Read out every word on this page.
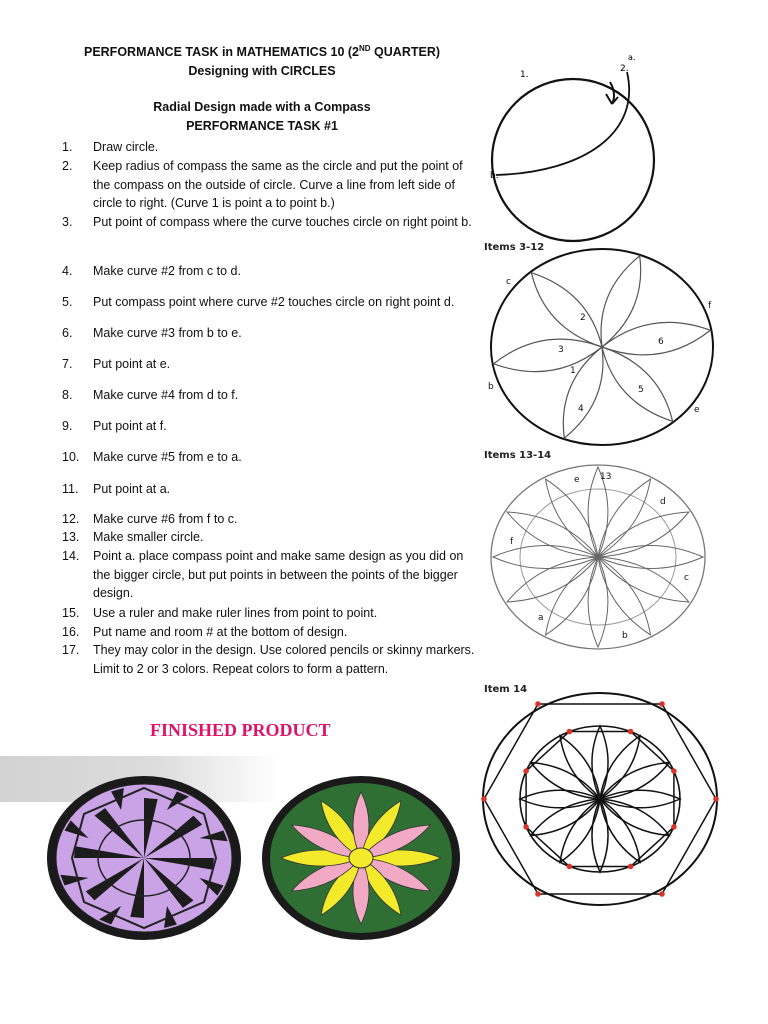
PERFORMANCE TASK in MATHEMATICS 10 (2ND QUARTER)
Designing with CIRCLES
Radial Design made with a Compass
PERFORMANCE TASK #1
1.	Draw circle.
2.	Keep radius of compass the same as the circle and put the point of the compass on the outside of circle. Curve a line from left side of circle to right. (Curve 1 is point a to point b.)
3.	Put point of compass where the curve touches circle on right point b.
4.	Make curve #2 from c to d.
5.	Put compass point where curve #2 touches circle on right point d.
6.	Make curve #3 from b to e.
7.	Put point at e.
8.	Make curve #4 from d to f.
9.	Put point at f.
10.	Make curve #5 from e to a.
11.	Put point at a.
12.	Make curve #6 from f to c.
13.	Make smaller circle.
14.	Point a. place compass point and make same design as you did on the bigger circle, but put points in between the points of the bigger design.
15.	Use a ruler and make ruler lines from point to point.
16.	Put name and room # at the bottom of design.
17.	They may color in the design. Use colored pencils or skinny markers. Limit to 2 or 3 colors. Repeat colors to form a pattern.
FINISHED PRODUCT
1.
2.
a.
b.
Items 3-12
c
f
2
6
3
1
b	5
4	e
Items 13-14
e 13
d
f
c
a
b
Item 14
